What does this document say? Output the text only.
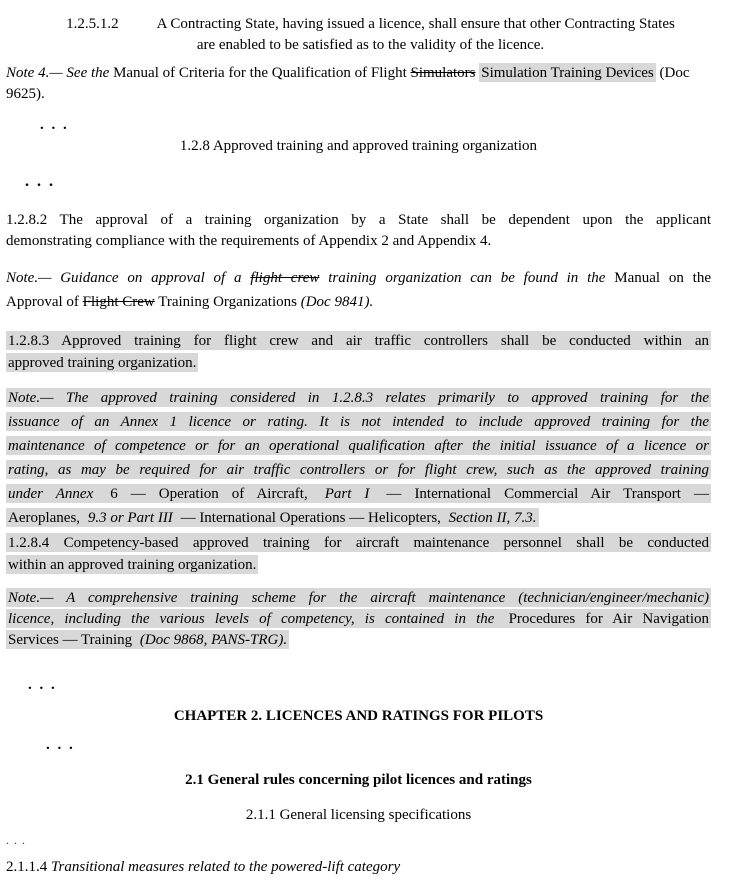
1.2.5.1.2	A Contracting State, having issued a licence, shall ensure that other Contracting States
are enabled to be satisfied as to the validity of the licence.
Note 4.— See the Manual of Criteria for the Qualification of Flight Simulators Simulation Training Devices (Doc
9625).
. . .
1.2.8 Approved training and approved training organization
. . .
1.2.8.2 The approval of a training organization by a State shall be dependent upon the applicant
demonstrating compliance with the requirements of Appendix 2 and Appendix 4.
Note.— Guidance on approval of a flight crew training organization can be found in the Manual on the
Approval of Flight Crew Training Organizations (Doc 9841).
1.2.8.3 Approved training for flight crew and air traffic controllers shall be conducted within an
approved training organization.
Note.— The approved training considered in 1.2.8.3 relates primarily to approved training for the
issuance of an Annex 1 licence or rating. It is not intended to include approved training for the
maintenance of competence or for an operational qualification after the initial issuance of a licence or
rating, as may be required for air traffic controllers or for flight crew, such as the approved training
under Annex 6 — Operation of Aircraft, Part I — International Commercial Air Transport —
Aeroplanes, 9.3 or Part III — International Operations — Helicopters, Section II, 7.3.
1.2.8.4 Competency-based approved training for aircraft maintenance personnel shall be conducted
within an approved training organization.
Note.— A comprehensive training scheme for the aircraft maintenance (technician/engineer/mechanic)
licence, including the various levels of competency, is contained in the Procedures for Air Navigation
Services — Training (Doc 9868, PANS-TRG).
. . .
CHAPTER 2. LICENCES AND RATINGS FOR PILOTS
. . .
2.1 General rules concerning pilot licences and ratings
2.1.1 General licensing specifications
. . .
2.1.1.4 Transitional measures related to the powered-lift category
